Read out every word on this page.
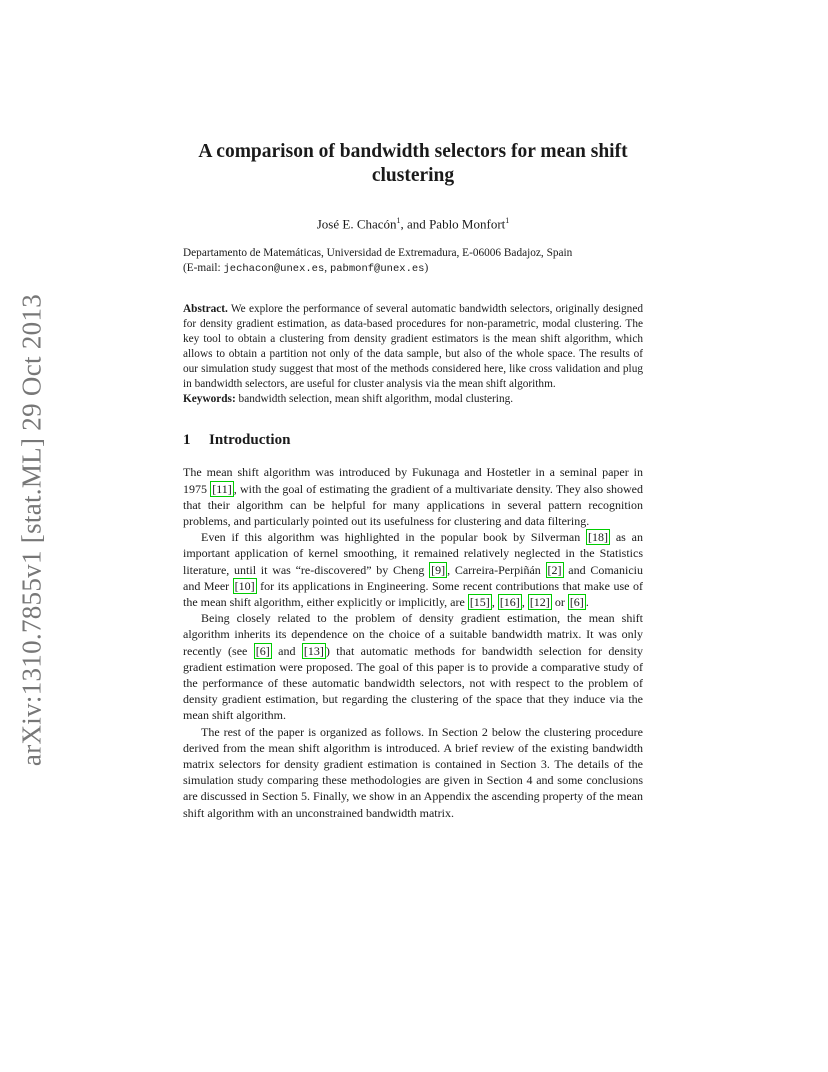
arXiv:1310.7855v1 [stat.ML] 29 Oct 2013
A comparison of bandwidth selectors for mean shift clustering
José E. Chacón$^1$, and Pablo Monfort$^1$
Departamento de Matemáticas, Universidad de Extremadura, E-06006 Badajoz, Spain
(E-mail: jechacon@unex.es, pabmonf@unex.es)
Abstract. We explore the performance of several automatic bandwidth selectors, originally designed for density gradient estimation, as data-based procedures for non-parametric, modal clustering. The key tool to obtain a clustering from density gradient estimators is the mean shift algorithm, which allows to obtain a partition not only of the data sample, but also of the whole space. The results of our simulation study suggest that most of the methods considered here, like cross validation and plug in bandwidth selectors, are useful for cluster analysis via the mean shift algorithm.
Keywords: bandwidth selection, mean shift algorithm, modal clustering.
1 Introduction

The mean shift algorithm was introduced by Fukunaga and Hostetler in a seminal paper in 1975 [11] , with the goal of estimating the gradient of a multivariate density. They also showed that their algorithm can be helpful for many applications in several pattern recognition problems, and particularly pointed out its usefulness for clustering and data filtering.

Even if this algorithm was highlighted in the popular book by Silverman [18] as an important application of kernel smoothing, it remained relatively neglected in the Statistics literature, until it was “re-discovered” by Cheng [9] , Carreira-Perpiñán [2] and Comaniciu and Meer [10] for its applications in Engineering. Some recent contributions that make use of the mean shift algorithm, either explicitly or implicitly, are [15] , [16] , [12] or [6] .

Being closely related to the problem of density gradient estimation, the mean shift algorithm inherits its dependence on the choice of a suitable bandwidth matrix. It was only recently (see [6] and [13] ) that automatic methods for bandwidth selection for density gradient estimation were proposed. The goal of this paper is to provide a comparative study of the performance of these automatic bandwidth selectors, not with respect to the problem of density gradient estimation, but regarding the clustering of the space that they induce via the mean shift algorithm.

The rest of the paper is organized as follows. In Section 2 below the clustering procedure derived from the mean shift algorithm is introduced. A brief review of the existing bandwidth matrix selectors for density gradient estimation is contained in Section 3. The details of the simulation study comparing these methodologies are given in Section 4 and some conclusions are discussed in Section 5. Finally, we show in an Appendix the ascending property of the mean shift algorithm with an unconstrained bandwidth matrix.
